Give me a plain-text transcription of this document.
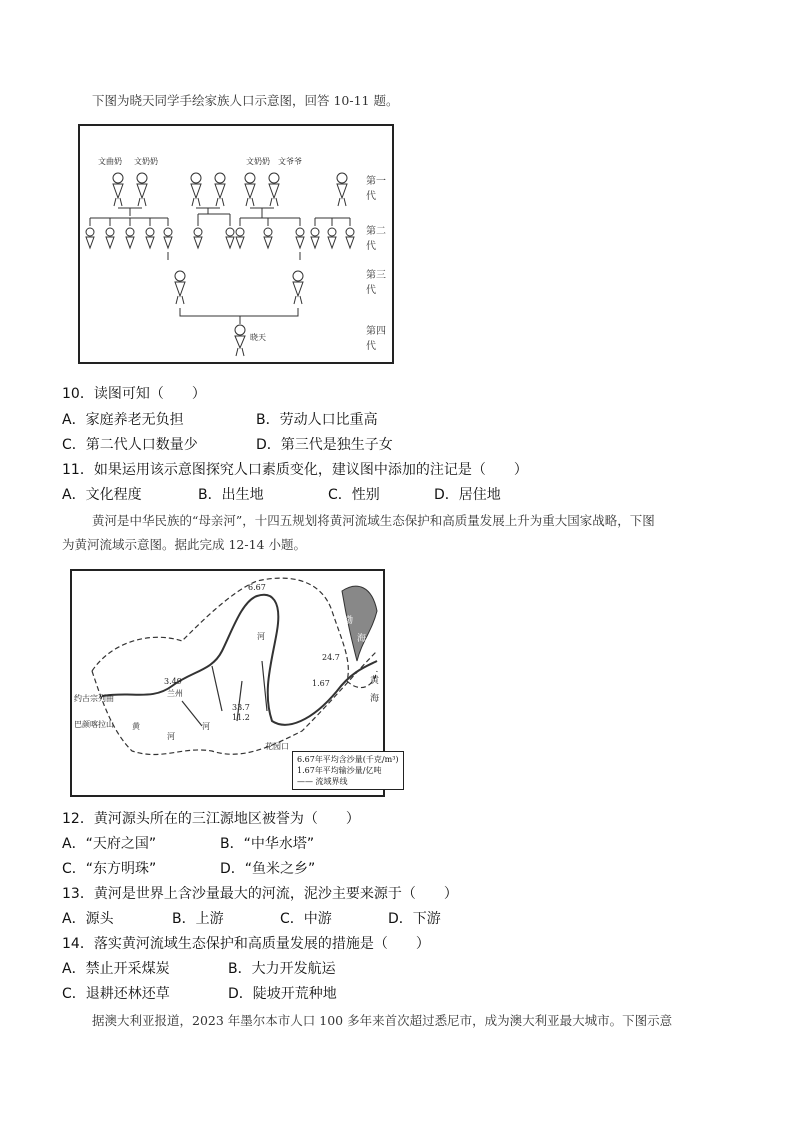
下图为晓天同学手绘家族人口示意图，回答 10-11 题。
第一代
第二代
第三代
第四代
文曲奶 文奶奶	文奶奶 文爷爷
晓天
10．读图可知（　　）
A．家庭养老无负担	B．劳动人口比重高
C．第二代人口数量少	D．第三代是独生子女
11．如果运用该示意图探究人口素质变化，建议图中添加的注记是（　　）
A．文化程度	B．出生地	C．性别	D．居住地
黄河是中华民族的“母亲河”，十四五规划将黄河流域生态保护和高质量发展上升为重大国家战略，下图
为黄河流域示意图。据此完成 12-14 小题。
渤
海
黄
海
兰州
3.49
6.67
33.7
11.2
24.7
1.67
黄
河
河
河
花园口
约古宗列曲
巴颜喀拉山
6.67年平均含沙量(千克/m³)
1.67年平均输沙量/亿吨
—— 流域界线
12．黄河源头所在的三江源地区被誉为（　　）
A．“天府之国”	B．“中华水塔”
C．“东方明珠”	D．“鱼米之乡”
13．黄河是世界上含沙量最大的河流，泥沙主要来源于（　　）
A．源头	B．上游	C．中游	D．下游
14．落实黄河流域生态保护和高质量发展的措施是（　　）
A．禁止开采煤炭	B．大力开发航运
C．退耕还林还草	D．陡坡开荒种地
据澳大利亚报道，2023 年墨尔本市人口 100 多年来首次超过悉尼市，成为澳大利亚最大城市。下图示意
